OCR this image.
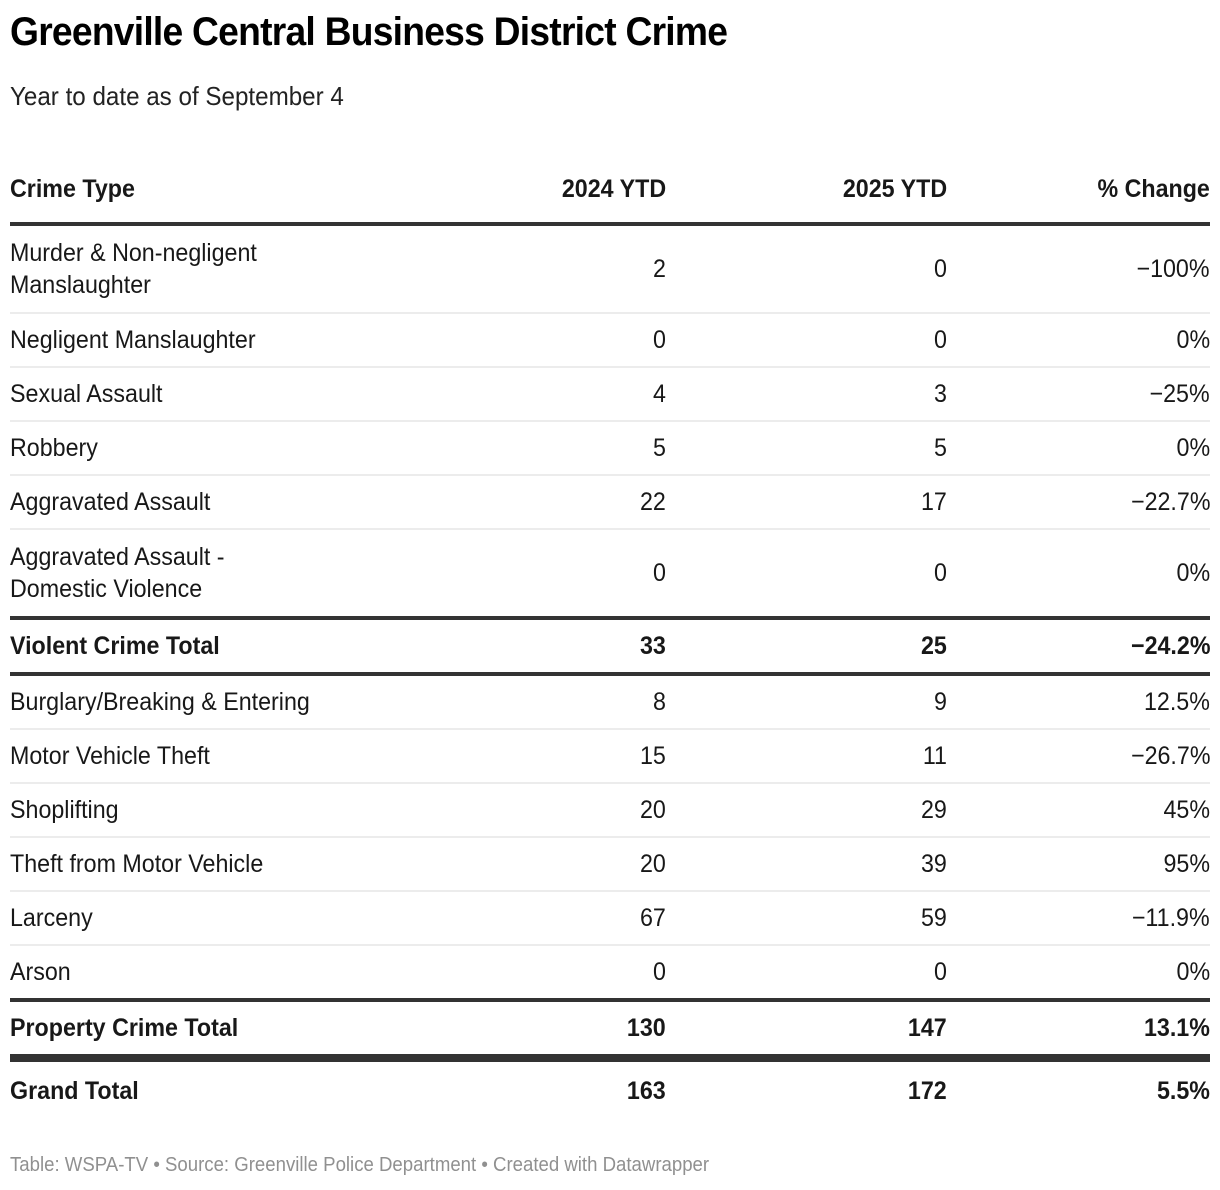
Greenville Central Business District Crime
Year to date as of September 4
Crime Type	2024 YTD	2025 YTD	% Change
Murder & Non-negligent Manslaughter	2	0	−100%
Negligent Manslaughter	0	0	0%
Sexual Assault	4	3	−25%
Robbery	5	5	0%
Aggravated Assault	22	17	−22.7%
Aggravated Assault - Domestic Violence	0	0	0%
Violent Crime Total	33	25	−24.2%
Burglary/Breaking & Entering	8	9	12.5%
Motor Vehicle Theft	15	11	−26.7%
Shoplifting	20	29	45%
Theft from Motor Vehicle	20	39	95%
Larceny	67	59	−11.9%
Arson	0	0	0%
Property Crime Total	130	147	13.1%
Grand Total	163	172	5.5%
Table: WSPA-TV • Source: Greenville Police Department • Created with Datawrapper
